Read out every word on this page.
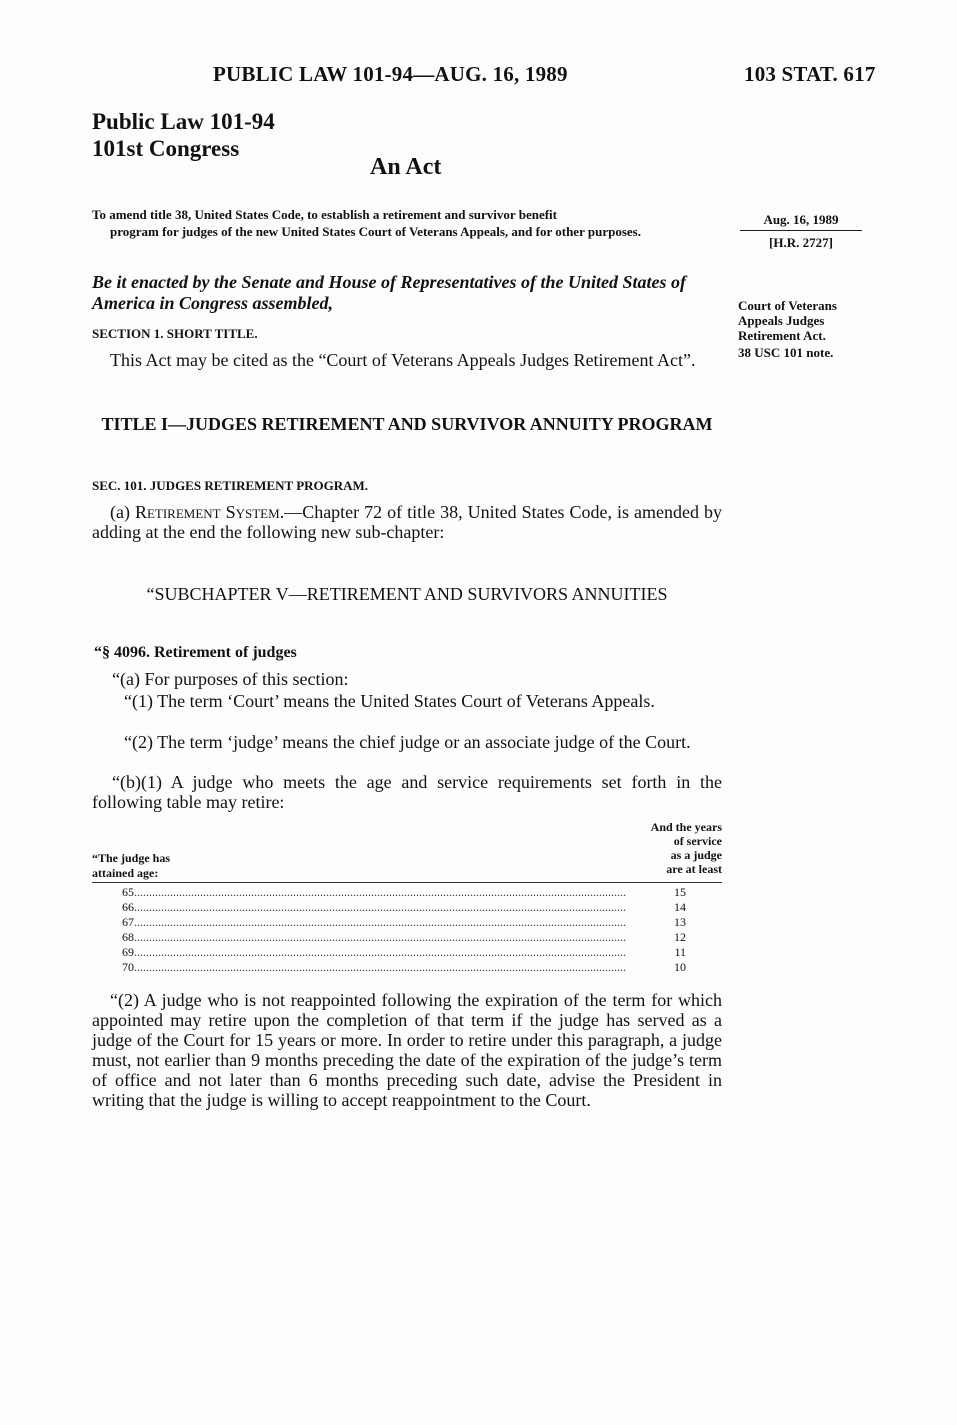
PUBLIC LAW 101-94—AUG. 16, 1989	103 STAT. 617
Public Law 101-94
101st Congress
An Act
To amend title 38, United States Code, to establish a retirement and survivor benefit
program for judges of the new United States Court of Veterans Appeals, and for other purposes.
Aug. 16, 1989
[H.R. 2727]
Be it enacted by the Senate and House of Representatives of the United States of America in Congress assembled,	Court of Veterans Appeals Judges Retirement Act.
38 USC 101 note.
SECTION 1. SHORT TITLE.
This Act may be cited as the “Court of Veterans Appeals Judges Retirement Act”.
TITLE I—JUDGES RETIREMENT AND SURVIVOR ANNUITY PROGRAM
SEC. 101. JUDGES RETIREMENT PROGRAM.
(a) Retirement System.—Chapter 72 of title 38, United States Code, is amended by adding at the end the following new sub-chapter:
“SUBCHAPTER V—RETIREMENT AND SURVIVORS ANNUITIES
“§ 4096. Retirement of judges
“(a) For purposes of this section:
“(1) The term ‘Court’ means the United States Court of Veterans Appeals.
“(2) The term ‘judge’ means the chief judge or an associate judge of the Court.
“(b)(1) A judge who meets the age and service requirements set forth in the following table may retire:
And the years
of service
as a judge
are at least
“The judge has
attained age:
65 .....	15
66 .....	14
67 .....	13
68 .....	12
69 .....	11
70 .....	10
“(2) A judge who is not reappointed following the expiration of the term for which appointed may retire upon the completion of that term if the judge has served as a judge of the Court for 15 years or more. In order to retire under this paragraph, a judge must, not earlier than 9 months preceding the date of the expiration of the judge’s term of office and not later than 6 months preceding such date, advise the President in writing that the judge is willing to accept reappointment to the Court.
